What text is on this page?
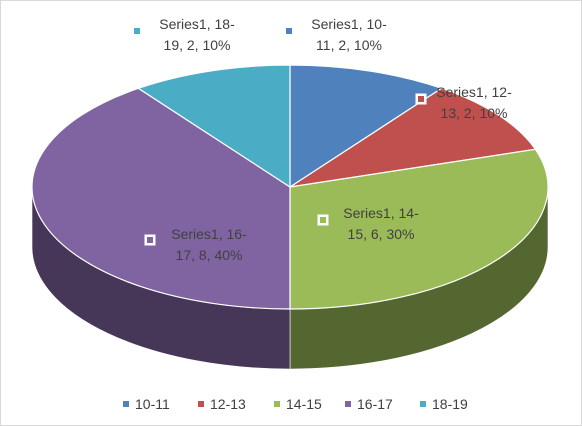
Series1, 10-
11, 2, 10%
Series1, 12-
13, 2, 10%
Series1, 14-
15, 6, 30%
Series1, 16-
17, 8, 40%
Series1, 18-
19, 2, 10%
10-11	12-13	14-15	16-17	18-19
